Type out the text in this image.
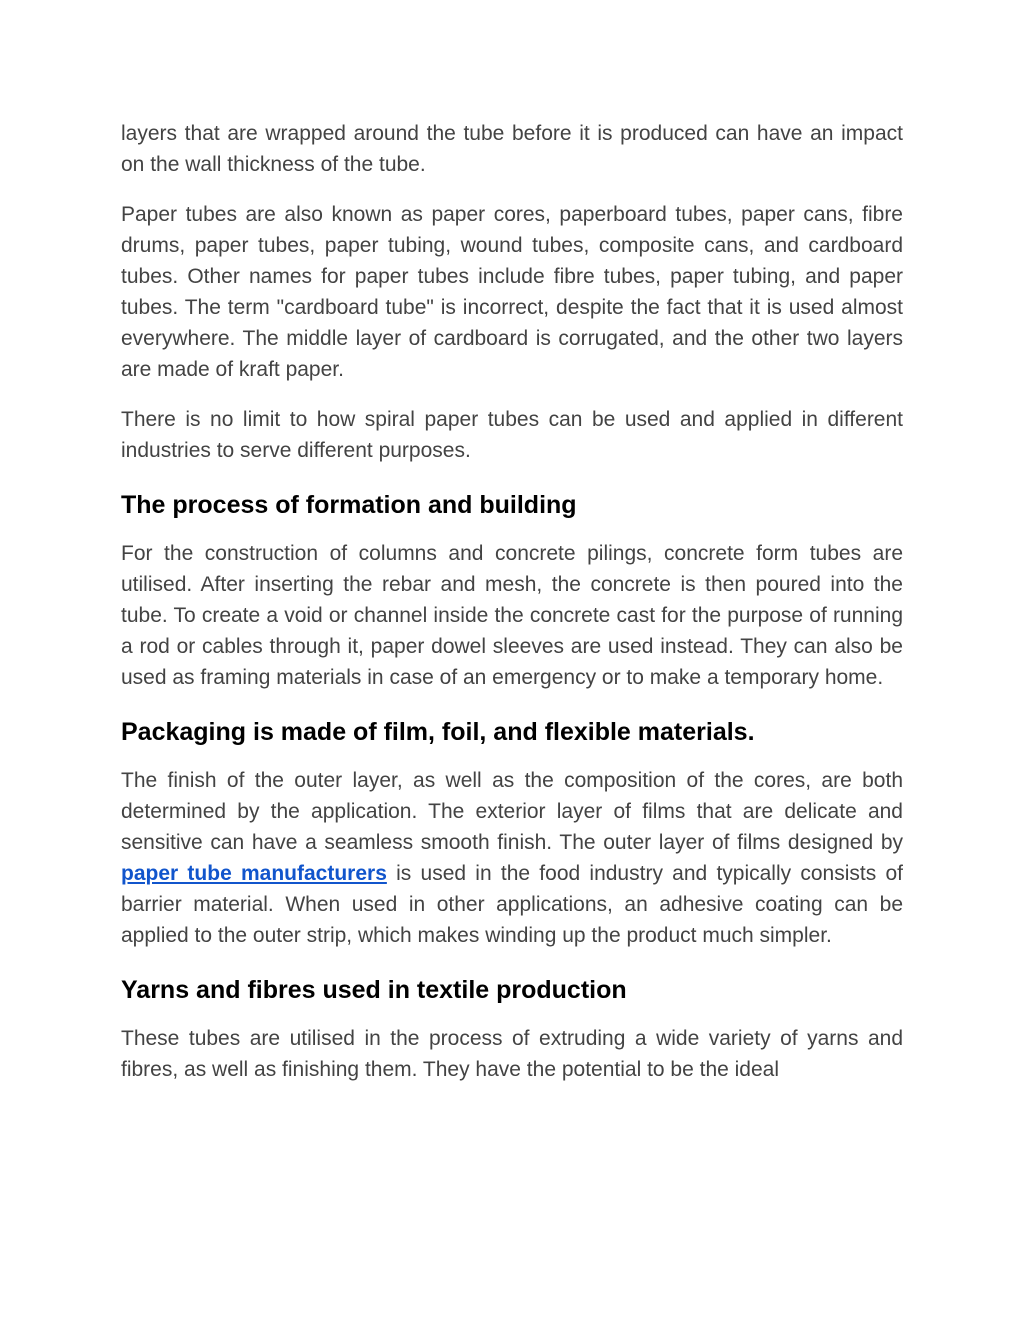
layers that are wrapped around the tube before it is produced can have an impact on the wall thickness of the tube.

Paper tubes are also known as paper cores, paperboard tubes, paper cans, fibre drums, paper tubes, paper tubing, wound tubes, composite cans, and cardboard tubes. Other names for paper tubes include fibre tubes, paper tubing, and paper tubes. The term "cardboard tube" is incorrect, despite the fact that it is used almost everywhere. The middle layer of cardboard is corrugated, and the other two layers are made of kraft paper.

There is no limit to how spiral paper tubes can be used and applied in different industries to serve different purposes.

The process of formation and building

For the construction of columns and concrete pilings, concrete form tubes are utilised. After inserting the rebar and mesh, the concrete is then poured into the tube. To create a void or channel inside the concrete cast for the purpose of running a rod or cables through it, paper dowel sleeves are used instead. They can also be used as framing materials in case of an emergency or to make a temporary home.

Packaging is made of film, foil, and flexible materials.

The finish of the outer layer, as well as the composition of the cores, are both determined by the application. The exterior layer of films that are delicate and sensitive can have a seamless smooth finish. The outer layer of films designed by paper tube manufacturers is used in the food industry and typically consists of barrier material. When used in other applications, an adhesive coating can be applied to the outer strip, which makes winding up the product much simpler.

Yarns and fibres used in textile production

These tubes are utilised in the process of extruding a wide variety of yarns and fibres, as well as finishing them. They have the potential to be the ideal
